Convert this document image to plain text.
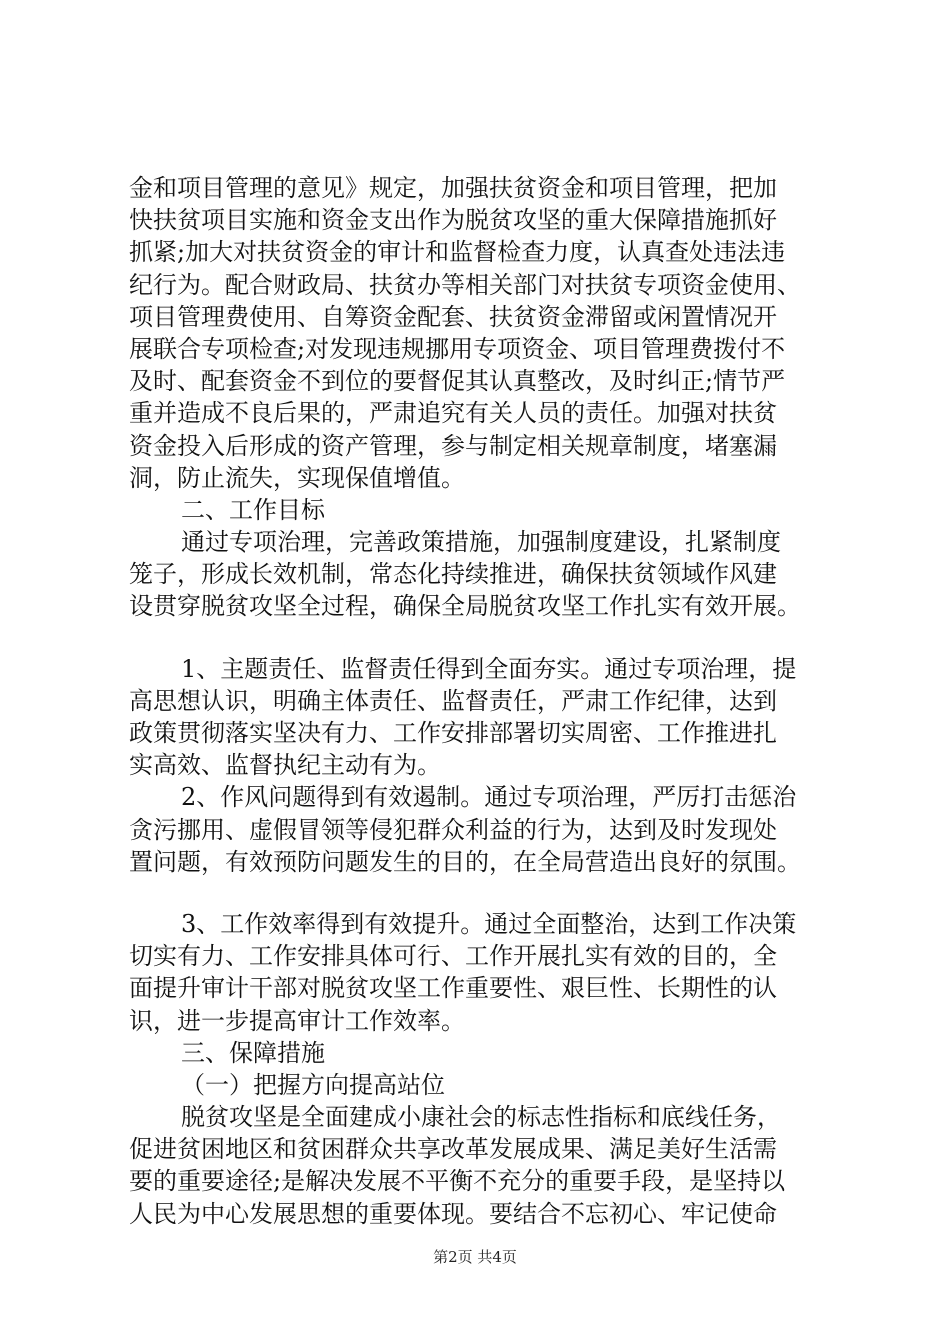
金和项目管理的意见》规定，加强扶贫资金和项目管理，把加
快扶贫项目实施和资金支出作为脱贫攻坚的重大保障措施抓好
抓紧;加大对扶贫资金的审计和监督检查力度，认真查处违法违
纪行为。配合财政局、扶贫办等相关部门对扶贫专项资金使用、
项目管理费使用、自筹资金配套、扶贫资金滞留或闲置情况开
展联合专项检查;对发现违规挪用专项资金、项目管理费拨付不
及时、配套资金不到位的要督促其认真整改，及时纠正;情节严
重并造成不良后果的，严肃追究有关人员的责任。加强对扶贫
资金投入后形成的资产管理，参与制定相关规章制度，堵塞漏
洞，防止流失，实现保值增值。
二、工作目标
通过专项治理，完善政策措施，加强制度建设，扎紧制度
笼子，形成长效机制，常态化持续推进，确保扶贫领域作风建
设贯穿脱贫攻坚全过程，确保全局脱贫攻坚工作扎实有效开展。
1、主题责任、监督责任得到全面夯实。通过专项治理，提
高思想认识，明确主体责任、监督责任，严肃工作纪律，达到
政策贯彻落实坚决有力、工作安排部署切实周密、工作推进扎
实高效、监督执纪主动有为。
2、作风问题得到有效遏制。通过专项治理，严厉打击惩治
贪污挪用、虚假冒领等侵犯群众利益的行为，达到及时发现处
置问题，有效预防问题发生的目的，在全局营造出良好的氛围。
3、工作效率得到有效提升。通过全面整治，达到工作决策
切实有力、工作安排具体可行、工作开展扎实有效的目的，全
面提升审计干部对脱贫攻坚工作重要性、艰巨性、长期性的认
识，进一步提高审计工作效率。
三、保障措施
（一）把握方向提高站位
脱贫攻坚是全面建成小康社会的标志性指标和底线任务，
促进贫困地区和贫困群众共享改革发展成果、满足美好生活需
要的重要途径;是解决发展不平衡不充分的重要手段，是坚持以
人民为中心发展思想的重要体现。要结合不忘初心、牢记使命
第2页 共4页
